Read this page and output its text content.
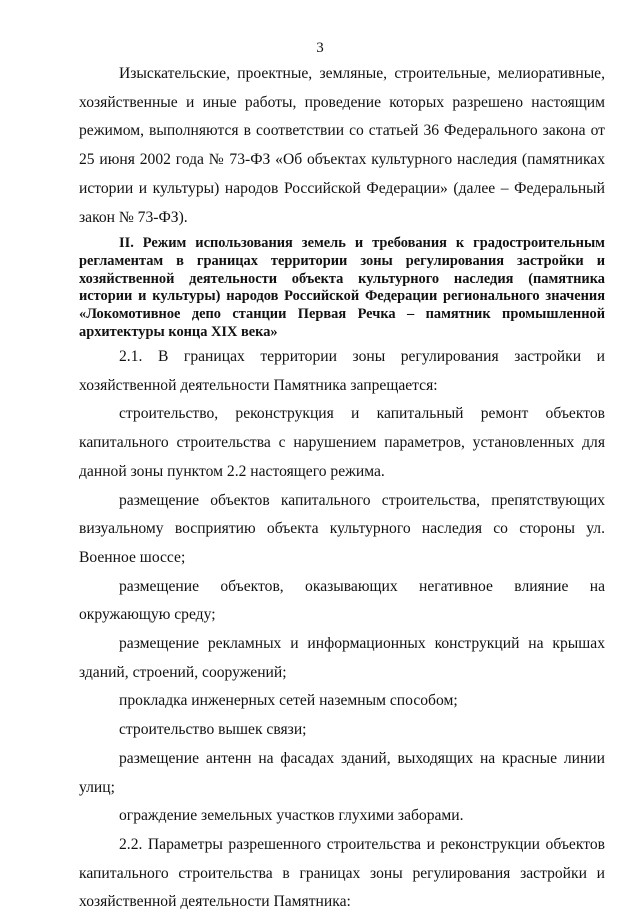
3

Изыскательские, проектные, земляные, строительные, мелиоративные, хозяйственные и иные работы, проведение которых разрешено настоящим режимом, выполняются в соответствии со статьей 36 Федерального закона от 25 июня 2002 года № 73-ФЗ «Об объектах культурного наследия (памятниках истории и культуры) народов Российской Федерации» (далее – Федеральный закон № 73-ФЗ).

II. Режим использования земель и требования к градостроительным регламентам в границах территории зоны регулирования застройки и хозяйственной деятельности объекта культурного наследия (памятника истории и культуры) народов Российской Федерации регионального значения «Локомотивное депо станции Первая Речка – памятник промышленной архитектуры конца XIX века»

2.1. В границах территории зоны регулирования застройки и хозяйственной деятельности Памятника запрещается:

строительство, реконструкция и капитальный ремонт объектов капитального строительства с нарушением параметров, установленных для данной зоны пунктом 2.2 настоящего режима.

размещение объектов капитального строительства, препятствующих визуальному восприятию объекта культурного наследия со стороны ул. Военное шоссе;

размещение объектов, оказывающих негативное влияние на окружающую среду;

размещение рекламных и информационных конструкций на крышах зданий, строений, сооружений;

прокладка инженерных сетей наземным способом;

строительство вышек связи;

размещение антенн на фасадах зданий, выходящих на красные линии улиц;

ограждение земельных участков глухими заборами.

2.2. Параметры разрешенного строительства и реконструкции объектов капитального строительства в границах зоны регулирования застройки и хозяйственной деятельности Памятника:
